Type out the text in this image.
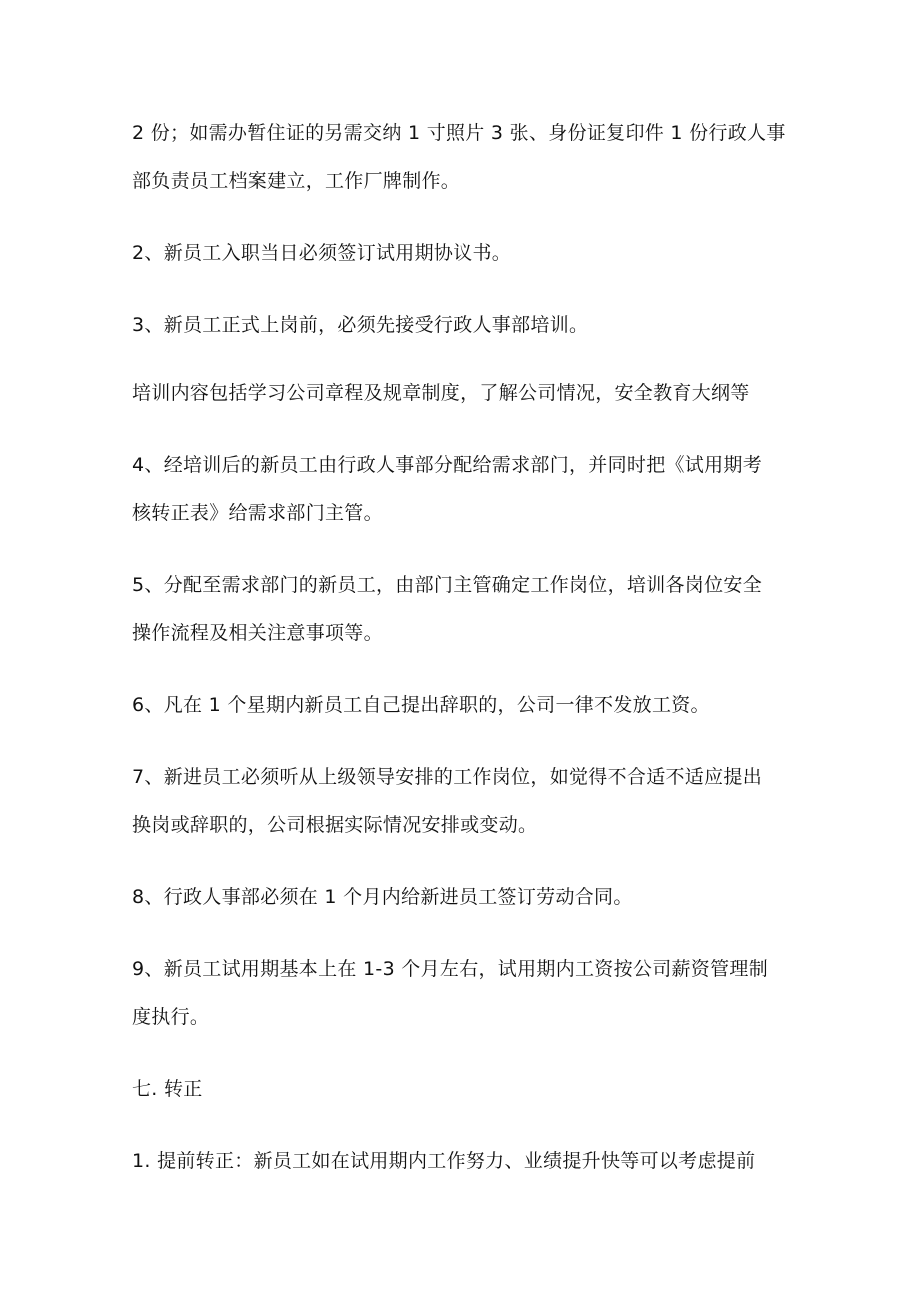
2 份；如需办暂住证的另需交纳 1 寸照片 3 张、身份证复印件 1 份行政人事

部负责员工档案建立，工作厂牌制作。

2、新员工入职当日必须签订试用期协议书。

3、新员工正式上岗前，必须先接受行政人事部培训。

培训内容包括学习公司章程及规章制度，了解公司情况，安全教育大纲等

4、经培训后的新员工由行政人事部分配给需求部门，并同时把《试用期考

核转正表》给需求部门主管。

5、分配至需求部门的新员工，由部门主管确定工作岗位，培训各岗位安全

操作流程及相关注意事项等。

6、凡在 1 个星期内新员工自己提出辞职的，公司一律不发放工资。

7、新进员工必须听从上级领导安排的工作岗位，如觉得不合适不适应提出

换岗或辞职的，公司根据实际情况安排或变动。

8、行政人事部必须在 1 个月内给新进员工签订劳动合同。

9、新员工试用期基本上在 1-3 个月左右，试用期内工资按公司薪资管理制

度执行。

七. 转正

1. 提前转正：新员工如在试用期内工作努力、业绩提升快等可以考虑提前
